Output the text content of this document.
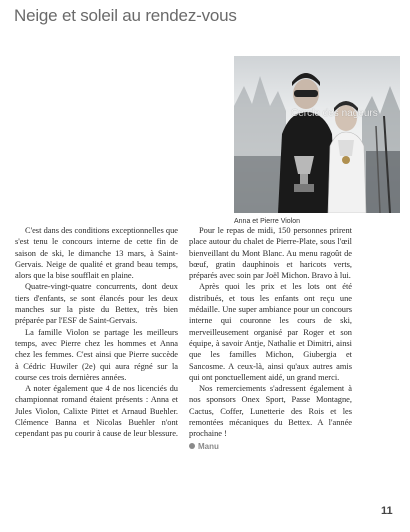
Neige et soleil au rendez-vous
Cercle des nageurs
Anna et Pierre Violon

C'est dans des conditions exceptionnelles que s'est tenu le concours interne de cette fin de saison de ski, le dimanche 13 mars, à Saint-Gervais. Neige de qualité et grand beau temps, alors que la bise soufflait en plaine.

Quatre-vingt-quatre concurrents, dont deux tiers d'enfants, se sont élancés pour les deux manches sur la piste du Bettex, très bien préparée par l'ESF de Saint-Gervais.

La famille Violon se partage les meilleurs temps, avec Pierre chez les hommes et Anna chez les femmes. C'est ainsi que Pierre succède à Cédric Huwiler (2e) qui aura régné sur la course ces trois dernières années.

A noter également que 4 de nos licenciés du championnat romand étaient présents : Anna et Jules Violon, Calixte Pittet et Arnaud Buehler. Clémence Banna et Nicolas Buehler n'ont cependant pas pu courir à cause de leur blessure.

Pour le repas de midi, 150 personnes prirent place autour du chalet de Pierre-Plate, sous l'œil bienveillant du Mont Blanc. Au menu ragoût de bœuf, gratin dauphinois et haricots verts, préparés avec soin par Joël Michon. Bravo à lui.

Après quoi les prix et les lots ont été distribués, et tous les enfants ont reçu une médaille. Une super ambiance pour un concours interne qui couronne les cours de ski, merveilleusement organisé par Roger et son équipe, à savoir Antje, Nathalie et Dimitri, ainsi que les familles Michon, Giubergia et Sancosme. A ceux-là, ainsi qu'aux autres amis qui ont ponctuellement aidé, un grand merci.

Nos remerciements s'adressent également à nos sponsors Onex Sport, Passe Montagne, Cactus, Coffer, Lunetterie des Rois et les remontées mécaniques du Bettex. A l'année prochaine !

Manu
11
